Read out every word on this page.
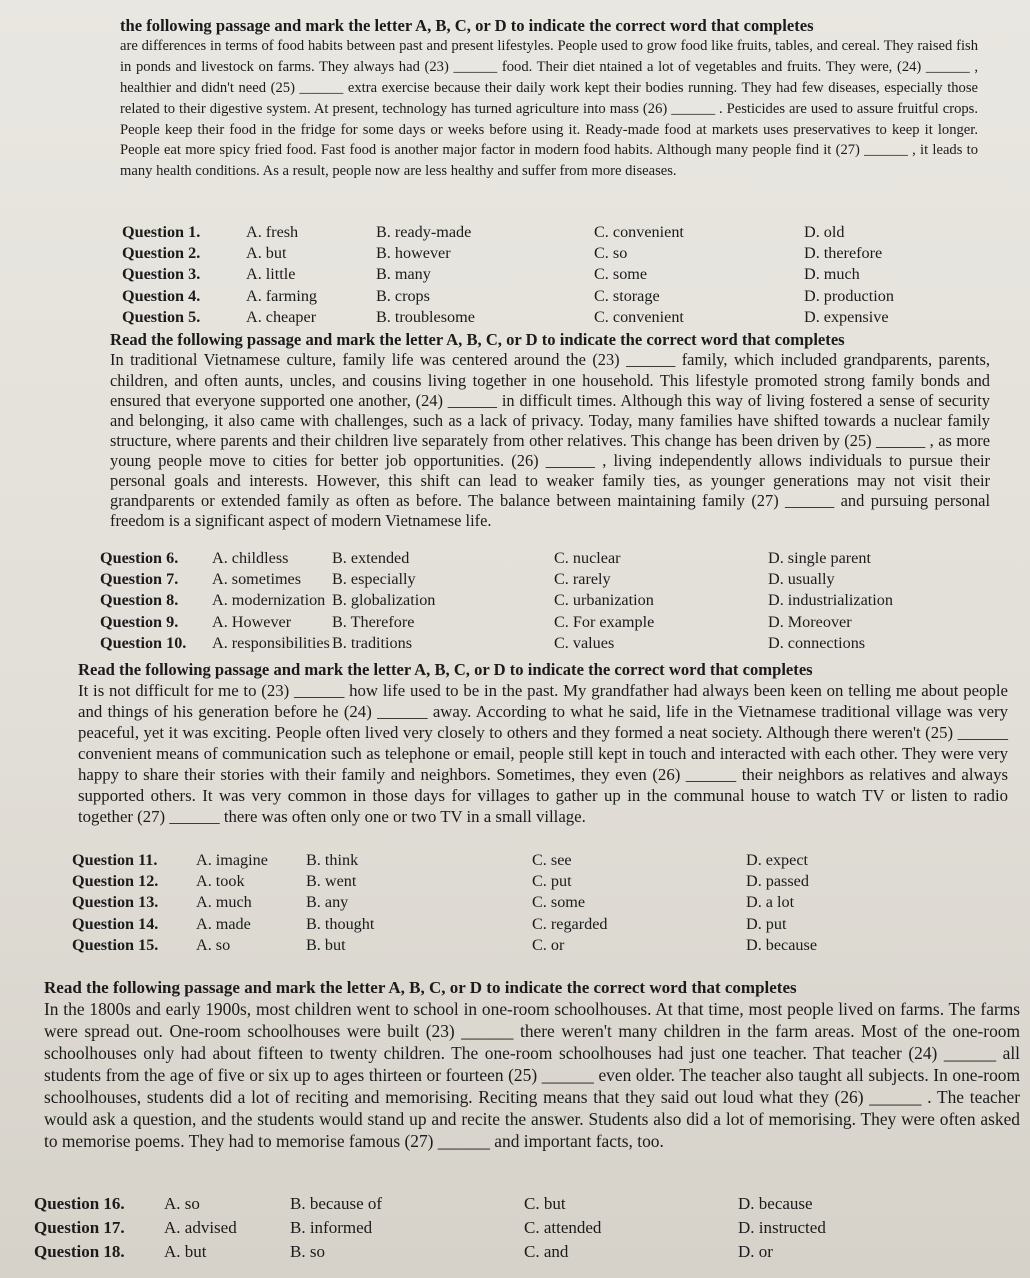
the following passage and mark the letter A, B, C, or D to indicate the correct word that completes

are differences in terms of food habits between past and present lifestyles. People used to grow food like fruits, tables, and cereal. They raised fish in ponds and livestock on farms. They always had (23) ______ food. Their diet ntained a lot of vegetables and fruits. They were, (24) ______ , healthier and didn't need (25) ______ extra exercise because their daily work kept their bodies running. They had few diseases, especially those related to their digestive system. At present, technology has turned agriculture into mass (26) ______ . Pesticides are used to assure fruitful crops. People keep their food in the fridge for some days or weeks before using it. Ready-made food at markets uses preservatives to keep it longer. People eat more spicy fried food. Fast food is another major factor in modern food habits. Although many people find it (27) ______ , it leads to many health conditions. As a result, people now are less healthy and suffer from more diseases.

Question 1.	A. fresh	B. ready-made	C. convenient	D. old
Question 2.	A. but	B. however	C. so	D. therefore
Question 3.	A. little	B. many	C. some	D. much
Question 4.	A. farming	B. crops	C. storage	D. production
Question 5.	A. cheaper	B. troublesome	C. convenient	D. expensive

Read the following passage and mark the letter A, B, C, or D to indicate the correct word that completes

In traditional Vietnamese culture, family life was centered around the (23) ______ family, which included grandparents, parents, children, and often aunts, uncles, and cousins living together in one household. This lifestyle promoted strong family bonds and ensured that everyone supported one another, (24) ______ in difficult times. Although this way of living fostered a sense of security and belonging, it also came with challenges, such as a lack of privacy. Today, many families have shifted towards a nuclear family structure, where parents and their children live separately from other relatives. This change has been driven by (25) ______ , as more young people move to cities for better job opportunities. (26) ______ , living independently allows individuals to pursue their personal goals and interests. However, this shift can lead to weaker family ties, as younger generations may not visit their grandparents or extended family as often as before. The balance between maintaining family (27) ______ and pursuing personal freedom is a significant aspect of modern Vietnamese life.

Question 6.	A. childless	B. extended	C. nuclear	D. single parent
Question 7.	A. sometimes	B. especially	C. rarely	D. usually
Question 8.	A. modernization B. globalization	C. urbanization	D. industrialization
Question 9.	A. However	B. Therefore	C. For example	D. Moreover
Question 10.	A. responsibilities B. traditions	C. values	D. connections

Read the following passage and mark the letter A, B, C, or D to indicate the correct word that completes

It is not difficult for me to (23) ______ how life used to be in the past. My grandfather had always been keen on telling me about people and things of his generation before he (24) ______ away. According to what he said, life in the Vietnamese traditional village was very peaceful, yet it was exciting. People often lived very closely to others and they formed a neat society. Although there weren't (25) ______ convenient means of communication such as telephone or email, people still kept in touch and interacted with each other. They were very happy to share their stories with their family and neighbors. Sometimes, they even (26) ______ their neighbors as relatives and always supported others. It was very common in those days for villages to gather up in the communal house to watch TV or listen to radio together (27) ______ there was often only one or two TV in a small village.

Question 11.	A. imagine	B. think	C. see	D. expect
Question 12.	A. took	B. went	C. put	D. passed
Question 13.	A. much	B. any	C. some	D. a lot
Question 14.	A. made	B. thought	C. regarded	D. put
Question 15.	A. so	B. but	C. or	D. because

Read the following passage and mark the letter A, B, C, or D to indicate the correct word that completes

In the 1800s and early 1900s, most children went to school in one-room schoolhouses. At that time, most people lived on farms. The farms were spread out. One-room schoolhouses were built (23) ______ there weren't many children in the farm areas. Most of the one-room schoolhouses only had about fifteen to twenty children. The one-room schoolhouses had just one teacher. That teacher (24) ______ all students from the age of five or six up to ages thirteen or fourteen (25) ______ even older. The teacher also taught all subjects. In one-room schoolhouses, students did a lot of reciting and memorising. Reciting means that they said out loud what they (26) ______ . The teacher would ask a question, and the students would stand up and recite the answer. Students also did a lot of memorising. They were often asked to memorise poems. They had to memorise famous (27) ______ and important facts, too.

Question 16.	A. so	B. because of	C. but	D. because
Question 17.	A. advised	B. informed	C. attended	D. instructed
Question 18.	A. but	B. so	C. and	D. or
